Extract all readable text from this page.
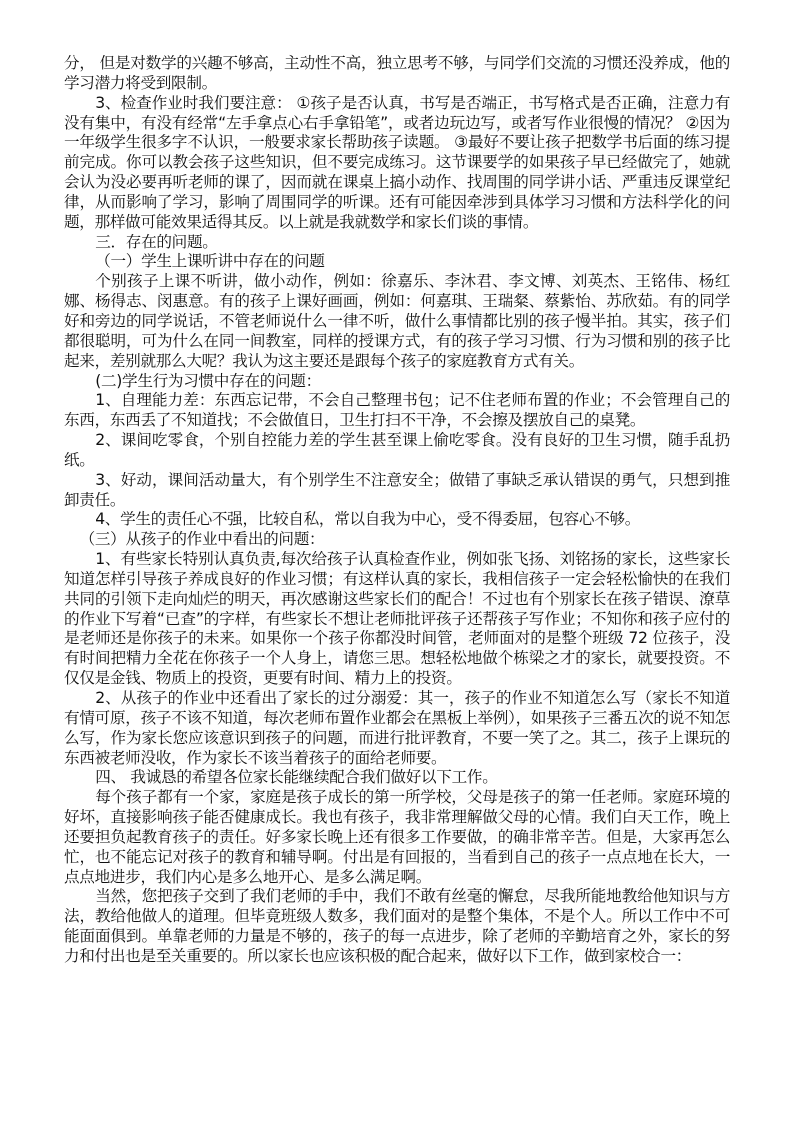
分， 但是对数学的兴趣不够高，主动性不高，独立思考不够，与同学们交流的习惯还没养成，他的学习潜力将受到限制。

3、检查作业时我们要注意： ①孩子是否认真，书写是否端正，书写格式是否正确，注意力有没有集中，有没有经常“左手拿点心右手拿铅笔”，或者边玩边写，或者写作业很慢的情况？ ②因为一年级学生很多字不认识，一般要求家长帮助孩子读题。 ③最好不要让孩子把数学书后面的练习提前完成。你可以教会孩子这些知识，但不要完成练习。这节课要学的如果孩子早已经做完了，她就会认为没必要再听老师的课了，因而就在课桌上搞小动作、找周围的同学讲小话、严重违反课堂纪律，从而影响了学习，影响了周围同学的听课。还有可能因牵涉到具体学习习惯和方法科学化的问题，那样做可能效果适得其反。以上就是我就数学和家长们谈的事情。

三．存在的问题。

（一）学生上课听讲中存在的问题

个别孩子上课不听讲，做小动作，例如：徐嘉乐、李沐君、李文博、刘英杰、王铭伟、杨红娜、杨得志、闵惠意。有的孩子上课好画画，例如：何嘉琪、王瑞粲、蔡紫怡、苏欣茹。有的同学好和旁边的同学说话，不管老师说什么一律不听，做什么事情都比别的孩子慢半拍。其实，孩子们都很聪明，可为什么在同一间教室，同样的授课方式，有的孩子学习习惯、行为习惯和别的孩子比起来，差别就那么大呢？我认为这主要还是跟每个孩子的家庭教育方式有关。

(二)学生行为习惯中存在的问题：

1、自理能力差：东西忘记带，不会自己整理书包；记不住老师布置的作业；不会管理自己的东西，东西丢了不知道找；不会做值日，卫生打扫不干净，不会擦及摆放自己的桌凳。

2、课间吃零食，个别自控能力差的学生甚至课上偷吃零食。没有良好的卫生习惯，随手乱扔纸。

3、好动，课间活动量大，有个别学生不注意安全；做错了事缺乏承认错误的勇气，只想到推卸责任。

4、学生的责任心不强，比较自私，常以自我为中心，受不得委屈，包容心不够。

（三）从孩子的作业中看出的问题：

1、有些家长特别认真负责,每次给孩子认真检查作业，例如张飞扬、刘铭扬的家长，这些家长知道怎样引导孩子养成良好的作业习惯；有这样认真的家长，我相信孩子一定会轻松愉快的在我们共同的引领下走向灿烂的明天，再次感谢这些家长们的配合！不过也有个别家长在孩子错误、潦草的作业下写着“已查”的字样，有些家长不想让老师批评孩子还帮孩子写作业；不知你和孩子应付的是老师还是你孩子的未来。如果你一个孩子你都没时间管，老师面对的是整个班级 72 位孩子，没有时间把精力全花在你孩子一个人身上，请您三思。想轻松地做个栋梁之才的家长，就要投资。不仅仅是金钱、物质上的投资，更要有时间、精力上的投资。

2、从孩子的作业中还看出了家长的过分溺爱：其一，孩子的作业不知道怎么写（家长不知道有情可原，孩子不该不知道，每次老师布置作业都会在黑板上举例），如果孩子三番五次的说不知怎么写，作为家长您应该意识到孩子的问题，而进行批评教育，不要一笑了之。其二，孩子上课玩的东西被老师没收，作为家长不该当着孩子的面给老师要。

四、 我诚恳的希望各位家长能继续配合我们做好以下工作。

每个孩子都有一个家，家庭是孩子成长的第一所学校，父母是孩子的第一任老师。家庭环境的好坏，直接影响孩子能否健康成长。我也有孩子，我非常理解做父母的心情。我们白天工作，晚上还要担负起教育孩子的责任。好多家长晚上还有很多工作要做，的确非常辛苦。但是，大家再怎么忙，也不能忘记对孩子的教育和辅导啊。付出是有回报的，当看到自己的孩子一点点地在长大，一点点地进步，我们内心是多么地开心、是多么满足啊。

当然，您把孩子交到了我们老师的手中，我们不敢有丝毫的懈怠，尽我所能地教给他知识与方法，教给他做人的道理。但毕竟班级人数多，我们面对的是整个集体，不是个人。所以工作中不可能面面俱到。单靠老师的力量是不够的，孩子的每一点进步，除了老师的辛勤培育之外，家长的努力和付出也是至关重要的。所以家长也应该积极的配合起来，做好以下工作，做到家校合一：
